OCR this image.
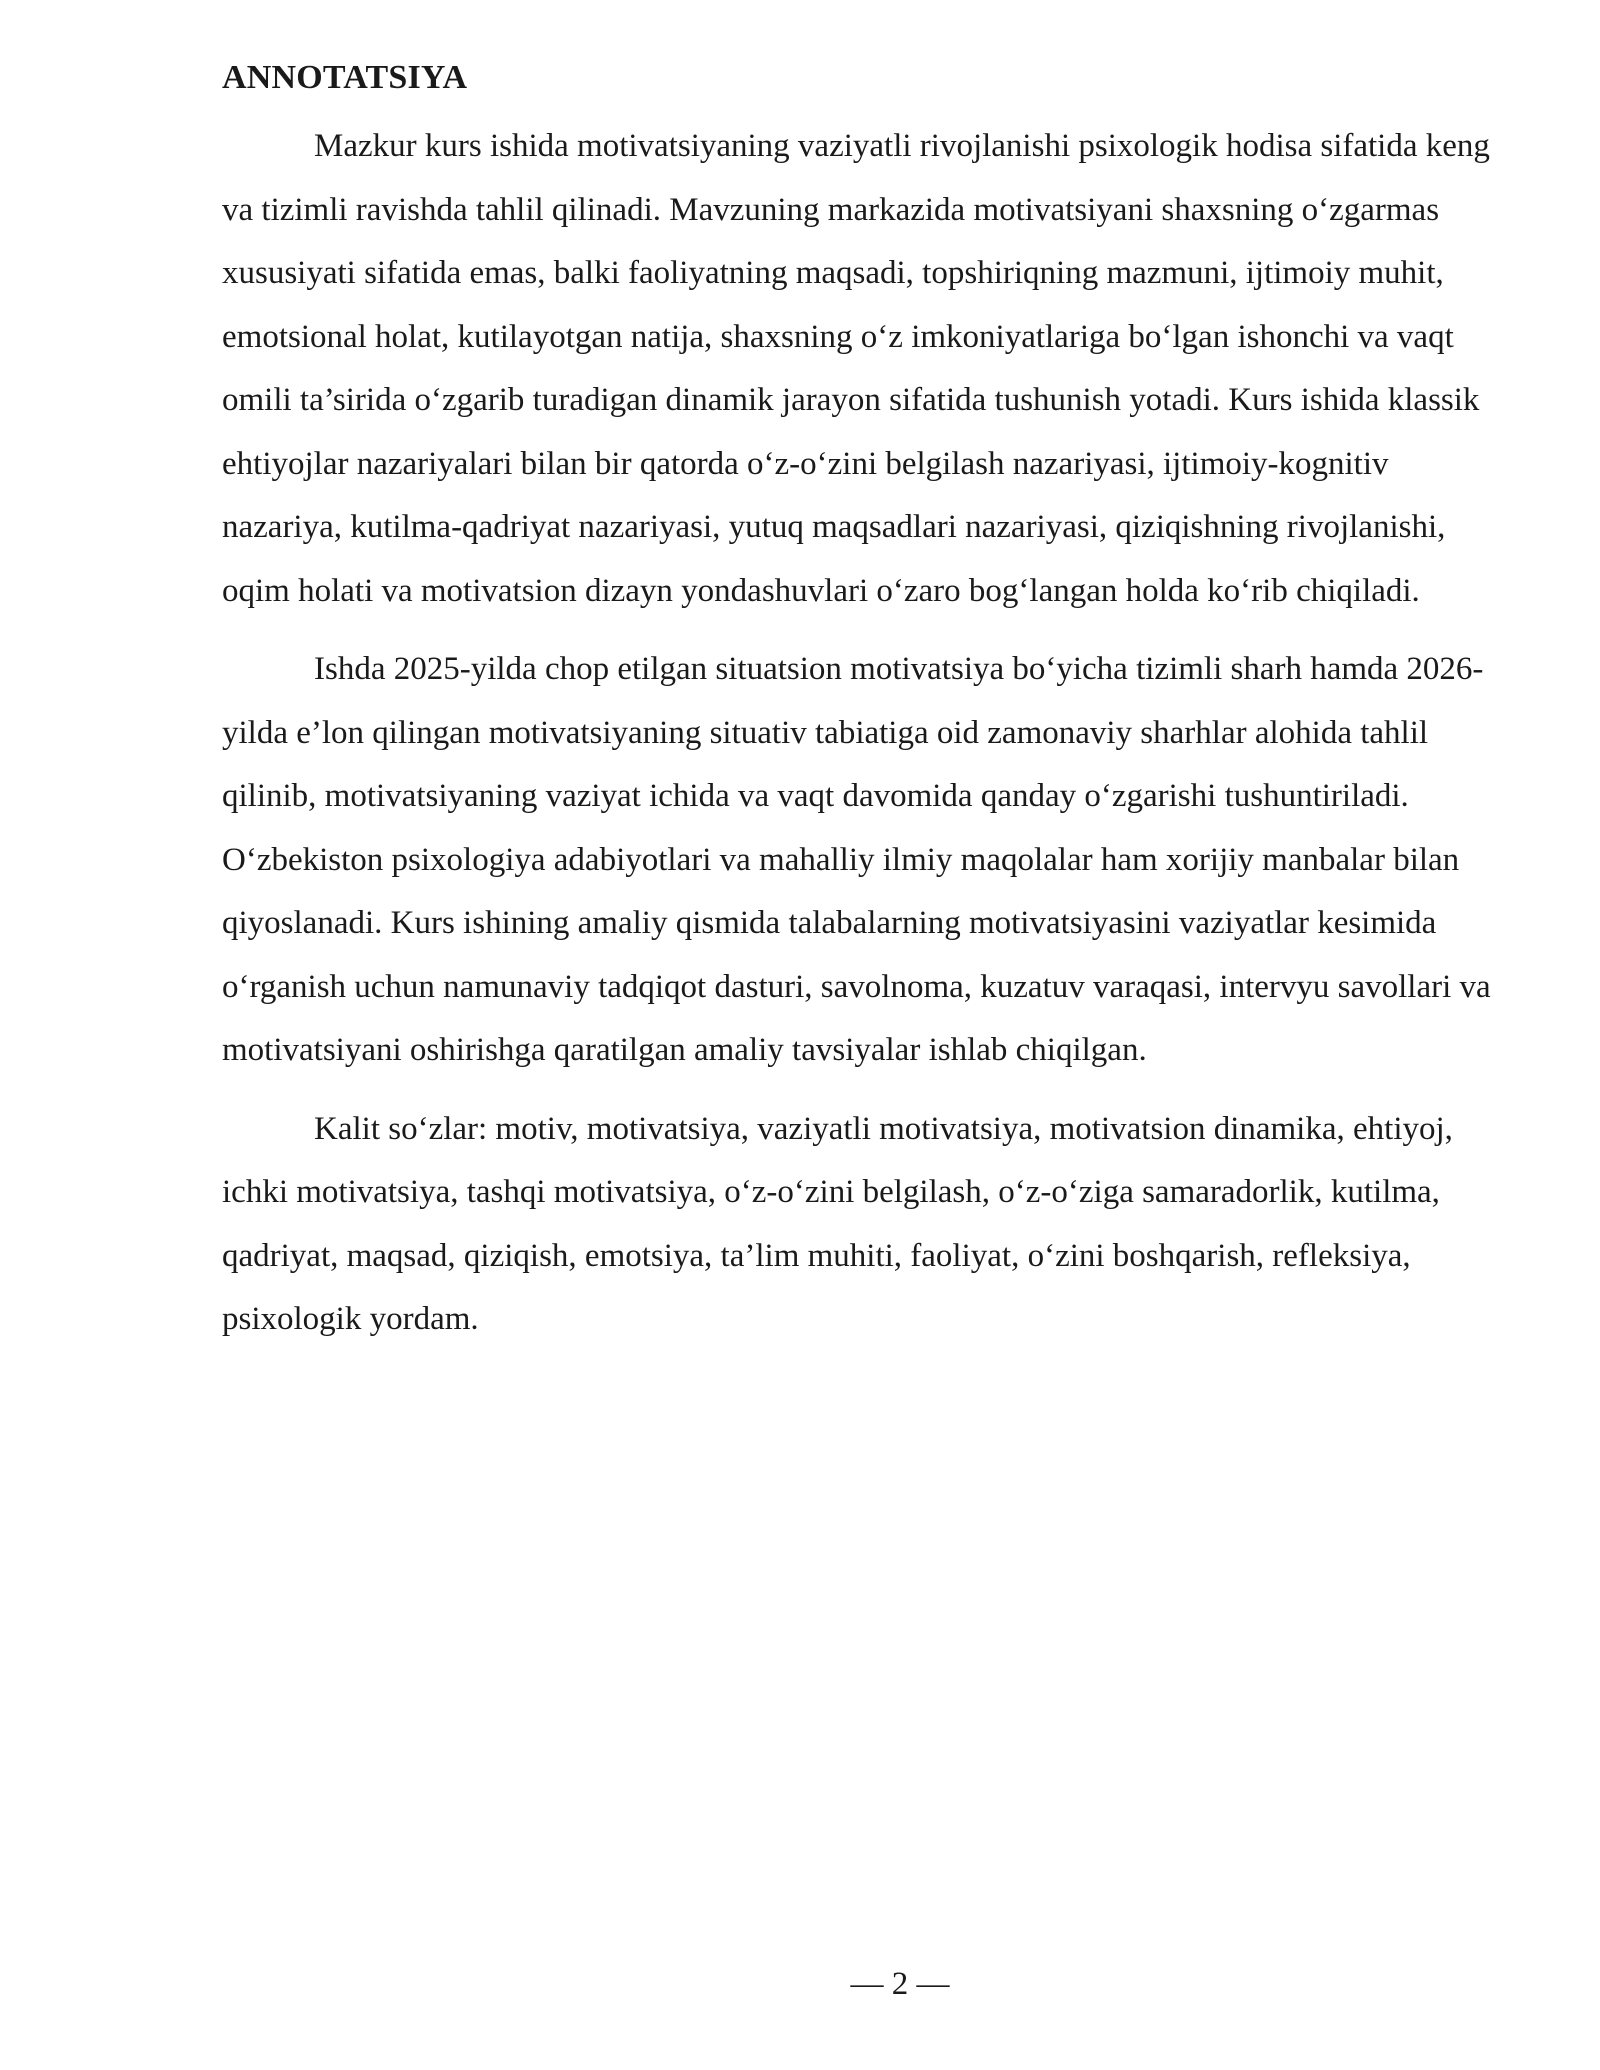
ANNOTATSIYA

Mazkur kurs ishida motivatsiyaning vaziyatli rivojlanishi psixologik hodisa sifatida keng va tizimli ravishda tahlil qilinadi. Mavzuning markazida motivatsiyani shaxsning o‘zgarmas xususiyati sifatida emas, balki faoliyatning maqsadi, topshiriqning mazmuni, ijtimoiy muhit, emotsional holat, kutilayotgan natija, shaxsning o‘z imkoniyatlariga bo‘lgan ishonchi va vaqt omili ta’sirida o‘zgarib turadigan dinamik jarayon sifatida tushunish yotadi. Kurs ishida klassik ehtiyojlar nazariyalari bilan bir qatorda o‘z-o‘zini belgilash nazariyasi, ijtimoiy-kognitiv nazariya, kutilma-qadriyat nazariyasi, yutuq maqsadlari nazariyasi, qiziqishning rivojlanishi, oqim holati va motivatsion dizayn yondashuvlari o‘zaro bog‘langan holda ko‘rib chiqiladi.

Ishda 2025-yilda chop etilgan situatsion motivatsiya bo‘yicha tizimli sharh hamda 2026-yilda e’lon qilingan motivatsiyaning situativ tabiatiga oid zamonaviy sharhlar alohida tahlil qilinib, motivatsiyaning vaziyat ichida va vaqt davomida qanday o‘zgarishi tushuntiriladi. O‘zbekiston psixologiya adabiyotlari va mahalliy ilmiy maqolalar ham xorijiy manbalar bilan qiyoslanadi. Kurs ishining amaliy qismida talabalarning motivatsiyasini vaziyatlar kesimida o‘rganish uchun namunaviy tadqiqot dasturi, savolnoma, kuzatuv varaqasi, intervyu savollari va motivatsiyani oshirishga qaratilgan amaliy tavsiyalar ishlab chiqilgan.

Kalit so‘zlar: motiv, motivatsiya, vaziyatli motivatsiya, motivatsion dinamika, ehtiyoj, ichki motivatsiya, tashqi motivatsiya, o‘z-o‘zini belgilash, o‘z-o‘ziga samaradorlik, kutilma, qadriyat, maqsad, qiziqish, emotsiya, ta’lim muhiti, faoliyat, o‘zini boshqarish, refleksiya, psixologik yordam.

— 2 —
